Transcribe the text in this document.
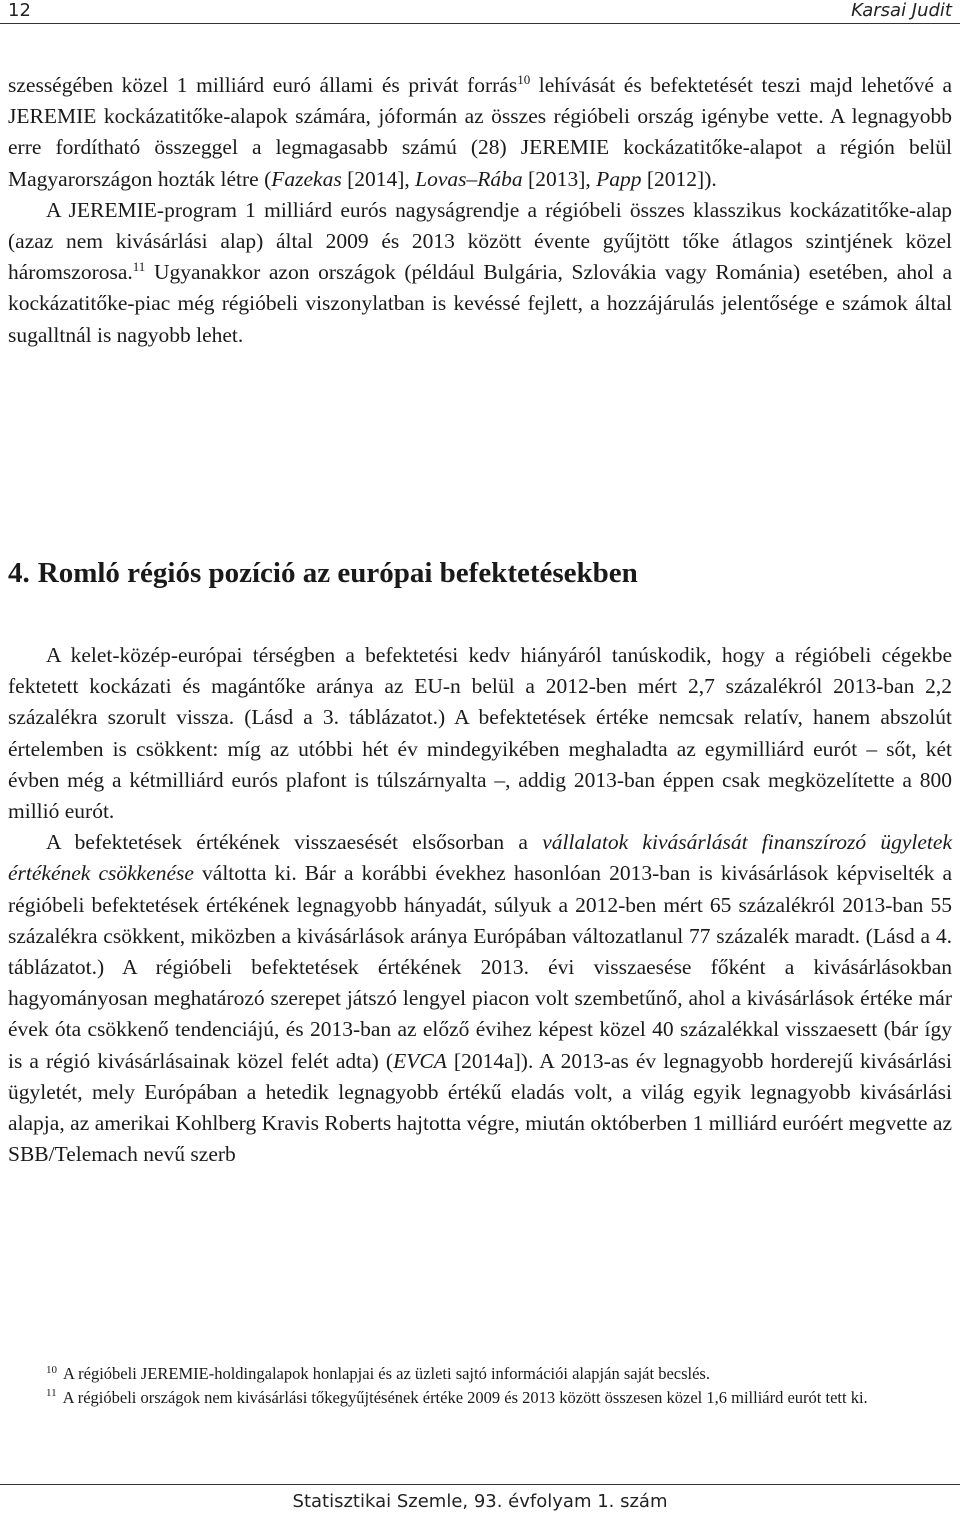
12	Karsai Judit

szességében közel 1 milliárd euró állami és privát forrás$^{10}$ lehívását és befektetését teszi majd lehetővé a JEREMIE kockázatitőke-alapok számára, jóformán az összes régióbeli ország igénybe vette. A legnagyobb erre fordítható összeggel a legmagasabb számú (28) JEREMIE kockázatitőke-alapot a régión belül Magyarországon hozták létre (Fazekas [2014], Lovas–Rába [2013], Papp [2012]).

A JEREMIE-program 1 milliárd eurós nagyságrendje a régióbeli összes klasszikus kockázatitőke-alap (azaz nem kivásárlási alap) által 2009 és 2013 között évente gyűjtött tőke átlagos szintjének közel háromszorosa.$^{11}$ Ugyanakkor azon országok (például Bulgária, Szlovákia vagy Románia) esetében, ahol a kockázatitőke-piac még régióbeli viszonylatban is kevéssé fejlett, a hozzájárulás jelentősége e számok által sugalltnál is nagyobb lehet.

4. Romló régiós pozíció az európai befektetésekben

A kelet-közép-európai térségben a befektetési kedv hiányáról tanúskodik, hogy a régióbeli cégekbe fektetett kockázati és magántőke aránya az EU-n belül a 2012-ben mért 2,7 százalékról 2013-ban 2,2 százalékra szorult vissza. (Lásd a 3. táblázatot.) A befektetések értéke nemcsak relatív, hanem abszolút értelemben is csökkent: míg az utóbbi hét év mindegyikében meghaladta az egymilliárd eurót – sőt, két évben még a kétmilliárd eurós plafont is túlszárnyalta –, addig 2013-ban éppen csak megközelítette a 800 millió eurót.

A befektetések értékének visszaesését elsősorban a vállalatok kivásárlását finanszírozó ügyletek értékének csökkenése váltotta ki. Bár a korábbi évekhez hasonlóan 2013-ban is kivásárlások képviselték a régióbeli befektetések értékének legnagyobb hányadát, súlyuk a 2012-ben mért 65 százalékról 2013-ban 55 százalékra csökkent, miközben a kivásárlások aránya Európában változatlanul 77 százalék maradt. (Lásd a 4. táblázatot.) A régióbeli befektetések értékének 2013. évi visszaesése főként a kivásárlásokban hagyományosan meghatározó szerepet játszó lengyel piacon volt szembetűnő, ahol a kivásárlások értéke már évek óta csökkenő tendenciájú, és 2013-ban az előző évihez képest közel 40 százalékkal visszaesett (bár így is a régió kivásárlásainak közel felét adta) (EVCA [2014a]). A 2013-as év legnagyobb horderejű kivásárlási ügyletét, mely Európában a hetedik legnagyobb értékű eladás volt, a világ egyik legnagyobb kivásárlási alapja, az amerikai Kohlberg Kravis Roberts hajtotta végre, miután októberben 1 milliárd euróért megvette az SBB/Telemach nevű szerb

$^{10}$ A régióbeli JEREMIE-holdingalapok honlapjai és az üzleti sajtó információi alapján saját becslés.

$^{11}$ A régióbeli országok nem kivásárlási tőkegyűjtésének értéke 2009 és 2013 között összesen közel 1,6 milliárd eurót tett ki.

Statisztikai Szemle, 93. évfolyam 1. szám
